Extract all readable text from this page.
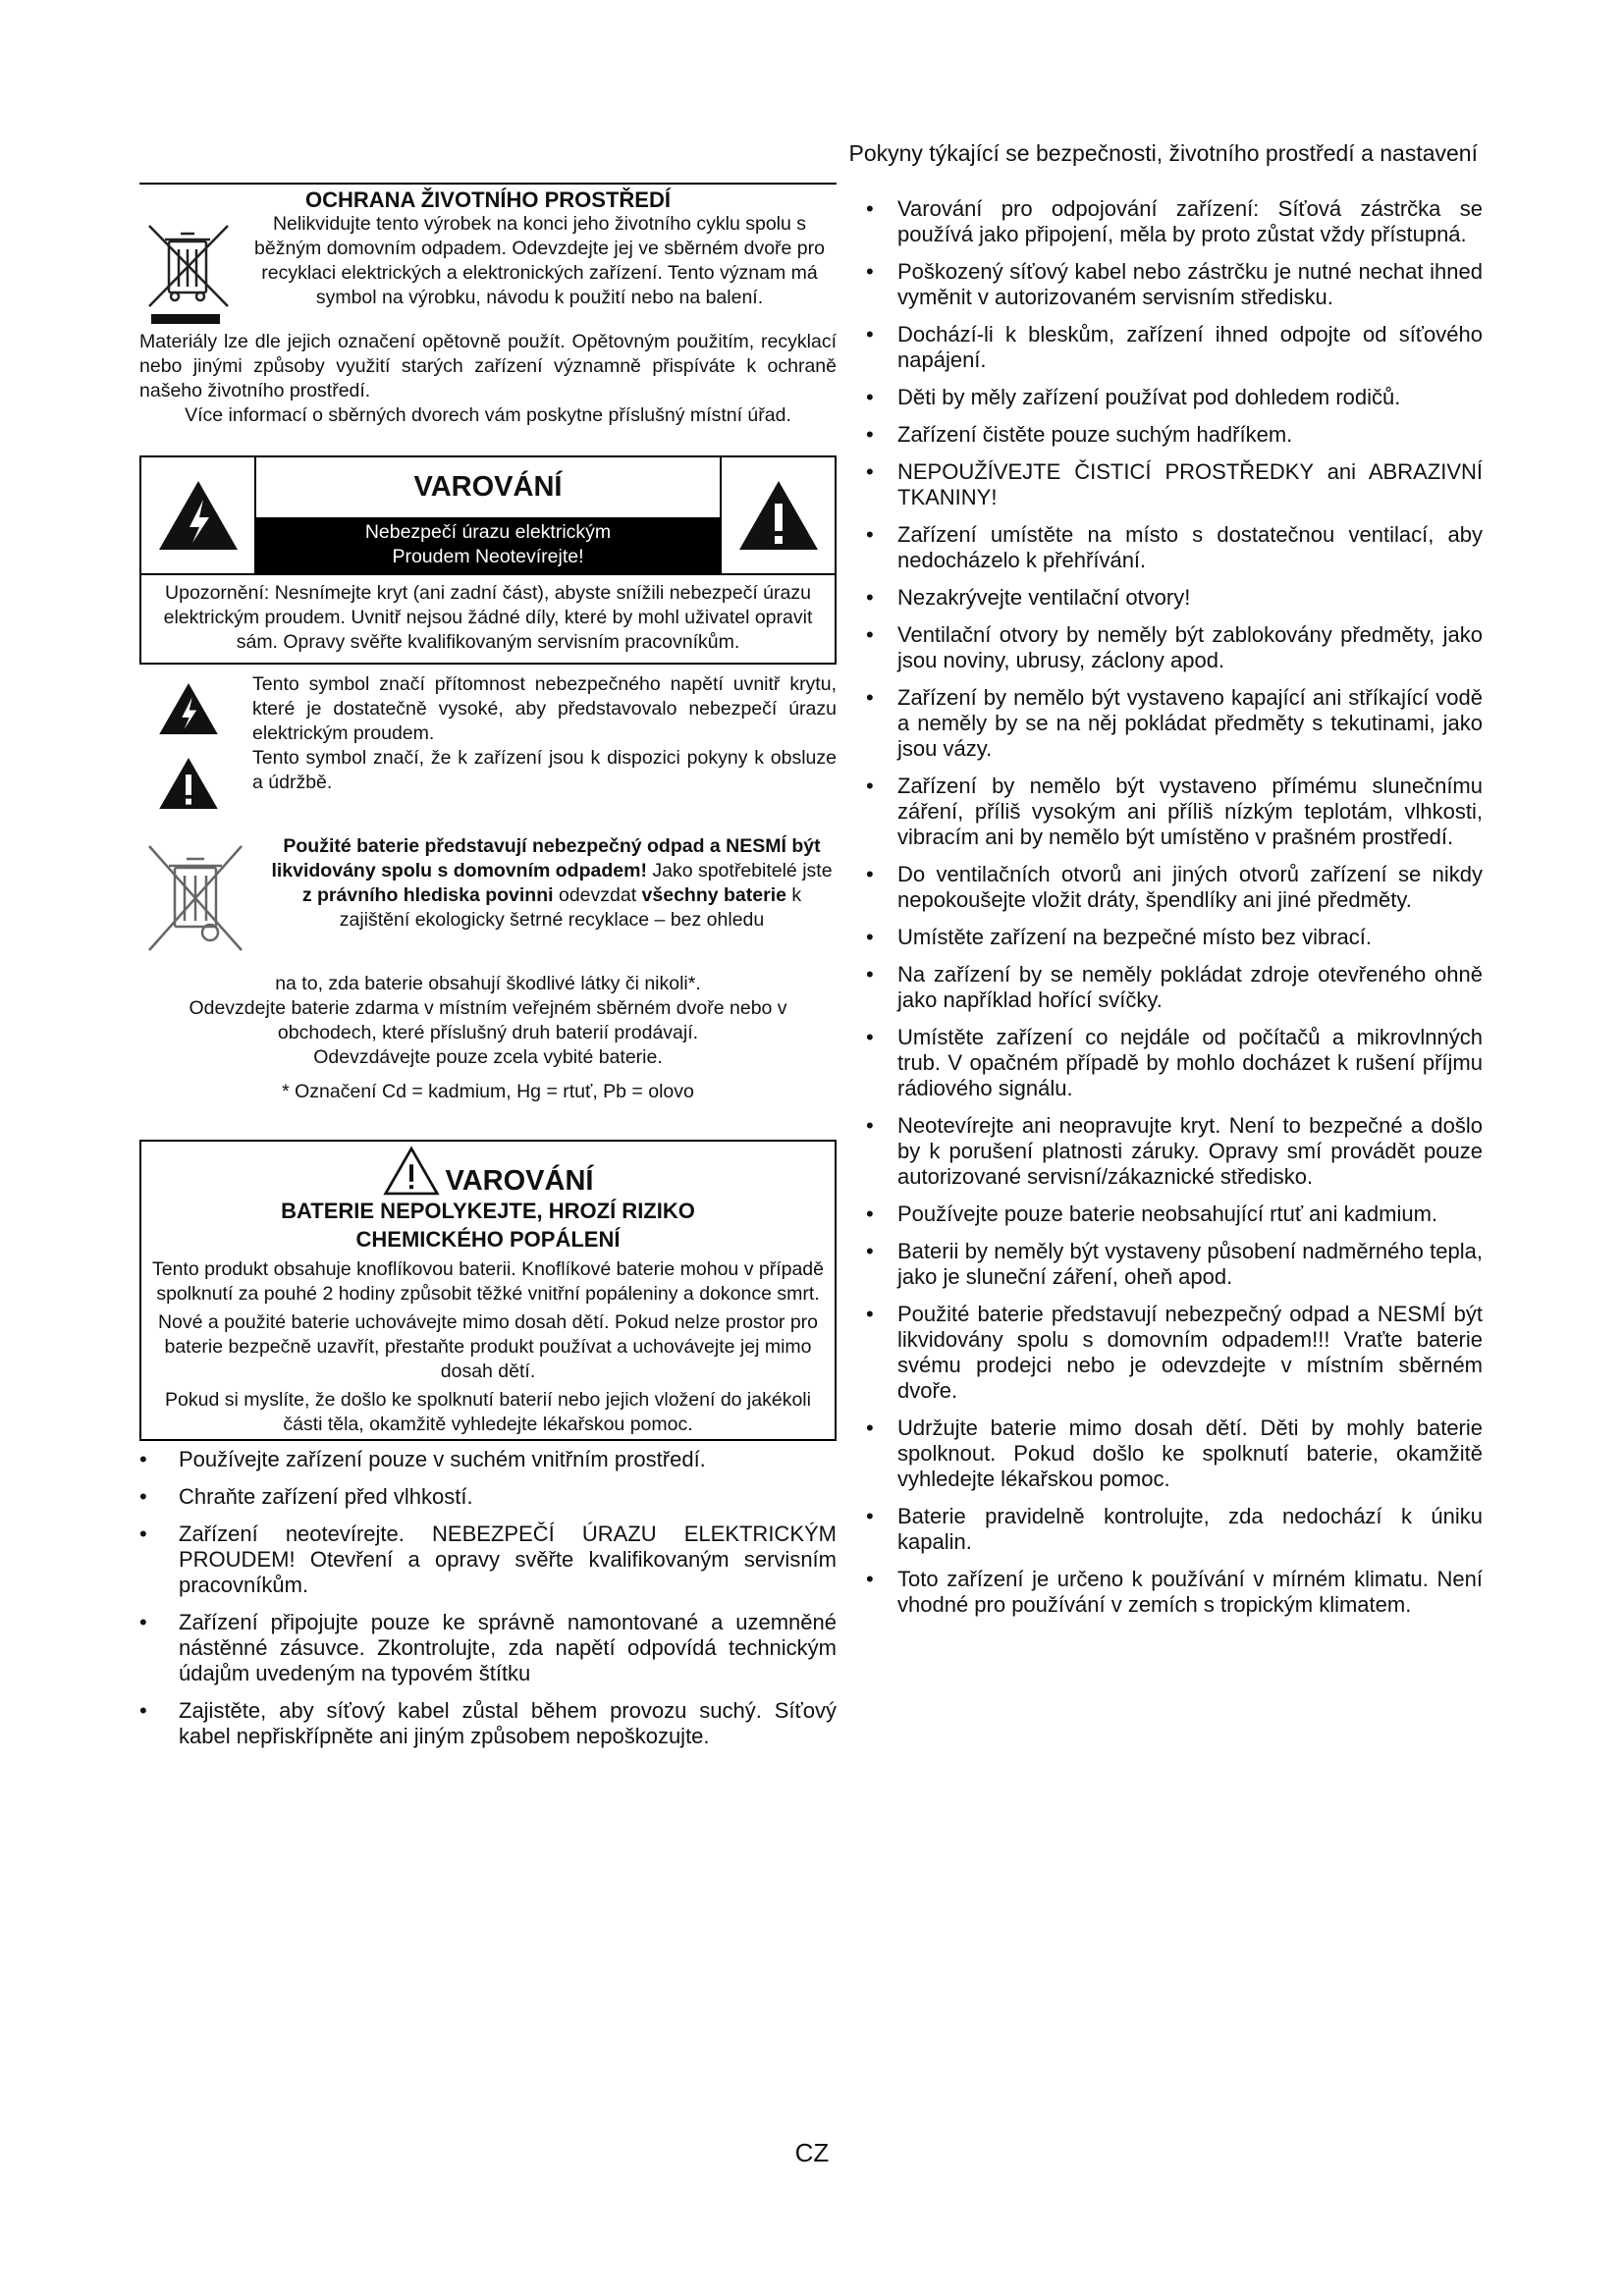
Pokyny týkající se bezpečnosti, životního prostředí a nastavení
OCHRANA ŽIVOTNÍHO PROSTŘEDÍ
Nelikvidujte tento výrobek na konci jeho životního cyklu spolu s běžným domovním odpadem. Odevzdejte jej ve sběrném dvoře pro recyklaci elektrických a elektronických zařízení. Tento význam má symbol na výrobku, návodu k použití nebo na balení.
Materiály lze dle jejich označení opětovně použít. Opětovným použitím, recyklací nebo jinými způsoby využití starých zařízení významně přispíváte k ochraně našeho životního prostředí.
Více informací o sběrných dvorech vám poskytne příslušný místní úřad.
VAROVÁNÍ
Nebezpečí úrazu elektrickým
Proudem Neotevírejte!
Upozornění: Nesnímejte kryt (ani zadní část), abyste snížili nebezpečí úrazu elektrickým proudem. Uvnitř nejsou žádné díly, které by mohl uživatel opravit sám. Opravy svěřte kvalifikovaným servisním pracovníkům.
Tento symbol značí přítomnost nebezpečného napětí uvnitř krytu, které je dostatečně vysoké, aby představovalo nebezpečí úrazu elektrickým proudem.
Tento symbol značí, že k zařízení jsou k dispozici pokyny k obsluze a údržbě.
Použité baterie představují nebezpečný odpad a NESMÍ být likvidovány spolu s domovním odpadem! Jako spotřebitelé jste z právního hlediska povinni odevzdat všechny baterie k zajištění ekologicky šetrné recyklace – bez ohledu
na to, zda baterie obsahují škodlivé látky či nikoli*.
Odevzdejte baterie zdarma v místním veřejném sběrném dvoře nebo v obchodech, které příslušný druh baterií prodávají.
Odevzdávejte pouze zcela vybité baterie.
* Označení Cd = kadmium, Hg = rtuť, Pb = olovo
VAROVÁNÍ
BATERIE NEPOLYKEJTE, HROZÍ RIZIKO
CHEMICKÉHO POPÁLENÍ
Tento produkt obsahuje knoflíkovou baterii. Knoflíkové baterie mohou v případě spolknutí za pouhé 2 hodiny způsobit těžké vnitřní popáleniny a dokonce smrt.
Nové a použité baterie uchovávejte mimo dosah dětí. Pokud nelze prostor pro baterie bezpečně uzavřít, přestaňte produkt používat a uchovávejte jej mimo dosah dětí.
Pokud si myslíte, že došlo ke spolknutí baterií nebo jejich vložení do jakékoli části těla, okamžitě vyhledejte lékařskou pomoc.
• Používejte zařízení pouze v suchém vnitřním prostředí.
• Chraňte zařízení před vlhkostí.
• Zařízení neotevírejte. NEBEZPEČÍ ÚRAZU ELEKTRICKÝM PROUDEM! Otevření a opravy svěřte kvalifikovaným servisním pracovníkům.
• Zařízení připojujte pouze ke správně namontované a uzemněné nástěnné zásuvce. Zkontrolujte, zda napětí odpovídá technickým údajům uvedeným na typovém štítku
• Zajistěte, aby síťový kabel zůstal během provozu suchý. Síťový kabel nepřiskřípněte ani jiným způsobem nepoškozujte.
• Varování pro odpojování zařízení: Síťová zástrčka se používá jako připojení, měla by proto zůstat vždy přístupná.
• Poškozený síťový kabel nebo zástrčku je nutné nechat ihned vyměnit v autorizovaném servisním středisku.
• Dochází-li k bleskům, zařízení ihned odpojte od síťového napájení.
• Děti by měly zařízení používat pod dohledem rodičů.
• Zařízení čistěte pouze suchým hadříkem.
• NEPOUŽÍVEJTE ČISTICÍ PROSTŘEDKY ani ABRAZIVNÍ TKANINY!
• Zařízení umístěte na místo s dostatečnou ventilací, aby nedocházelo k přehřívání.
• Nezakrývejte ventilační otvory!
• Ventilační otvory by neměly být zablokovány předměty, jako jsou noviny, ubrusy, záclony apod.
• Zařízení by nemělo být vystaveno kapající ani stříkající vodě a neměly by se na něj pokládat předměty s tekutinami, jako jsou vázy.
• Zařízení by nemělo být vystaveno přímému slunečnímu záření, příliš vysokým ani příliš nízkým teplotám, vlhkosti, vibracím ani by nemělo být umístěno v prašném prostředí.
• Do ventilačních otvorů ani jiných otvorů zařízení se nikdy nepokoušejte vložit dráty, špendlíky ani jiné předměty.
• Umístěte zařízení na bezpečné místo bez vibrací.
• Na zařízení by se neměly pokládat zdroje otevřeného ohně jako například hořící svíčky.
• Umístěte zařízení co nejdále od počítačů a mikrovlnných trub. V opačném případě by mohlo docházet k rušení příjmu rádiového signálu.
• Neotevírejte ani neopravujte kryt. Není to bezpečné a došlo by k porušení platnosti záruky. Opravy smí provádět pouze autorizované servisní/zákaznické středisko.
• Používejte pouze baterie neobsahující rtuť ani kadmium.
• Baterii by neměly být vystaveny působení nadměrného tepla, jako je sluneční záření, oheň apod.
• Použité baterie představují nebezpečný odpad a NESMÍ být likvidovány spolu s domovním odpadem!!! Vraťte baterie svému prodejci nebo je odevzdejte v místním sběrném dvoře.
• Udržujte baterie mimo dosah dětí. Děti by mohly baterie spolknout. Pokud došlo ke spolknutí baterie, okamžitě vyhledejte lékařskou pomoc.
• Baterie pravidelně kontrolujte, zda nedochází k úniku kapalin.
• Toto zařízení je určeno k používání v mírném klimatu. Není vhodné pro používání v zemích s tropickým klimatem.
CZ
